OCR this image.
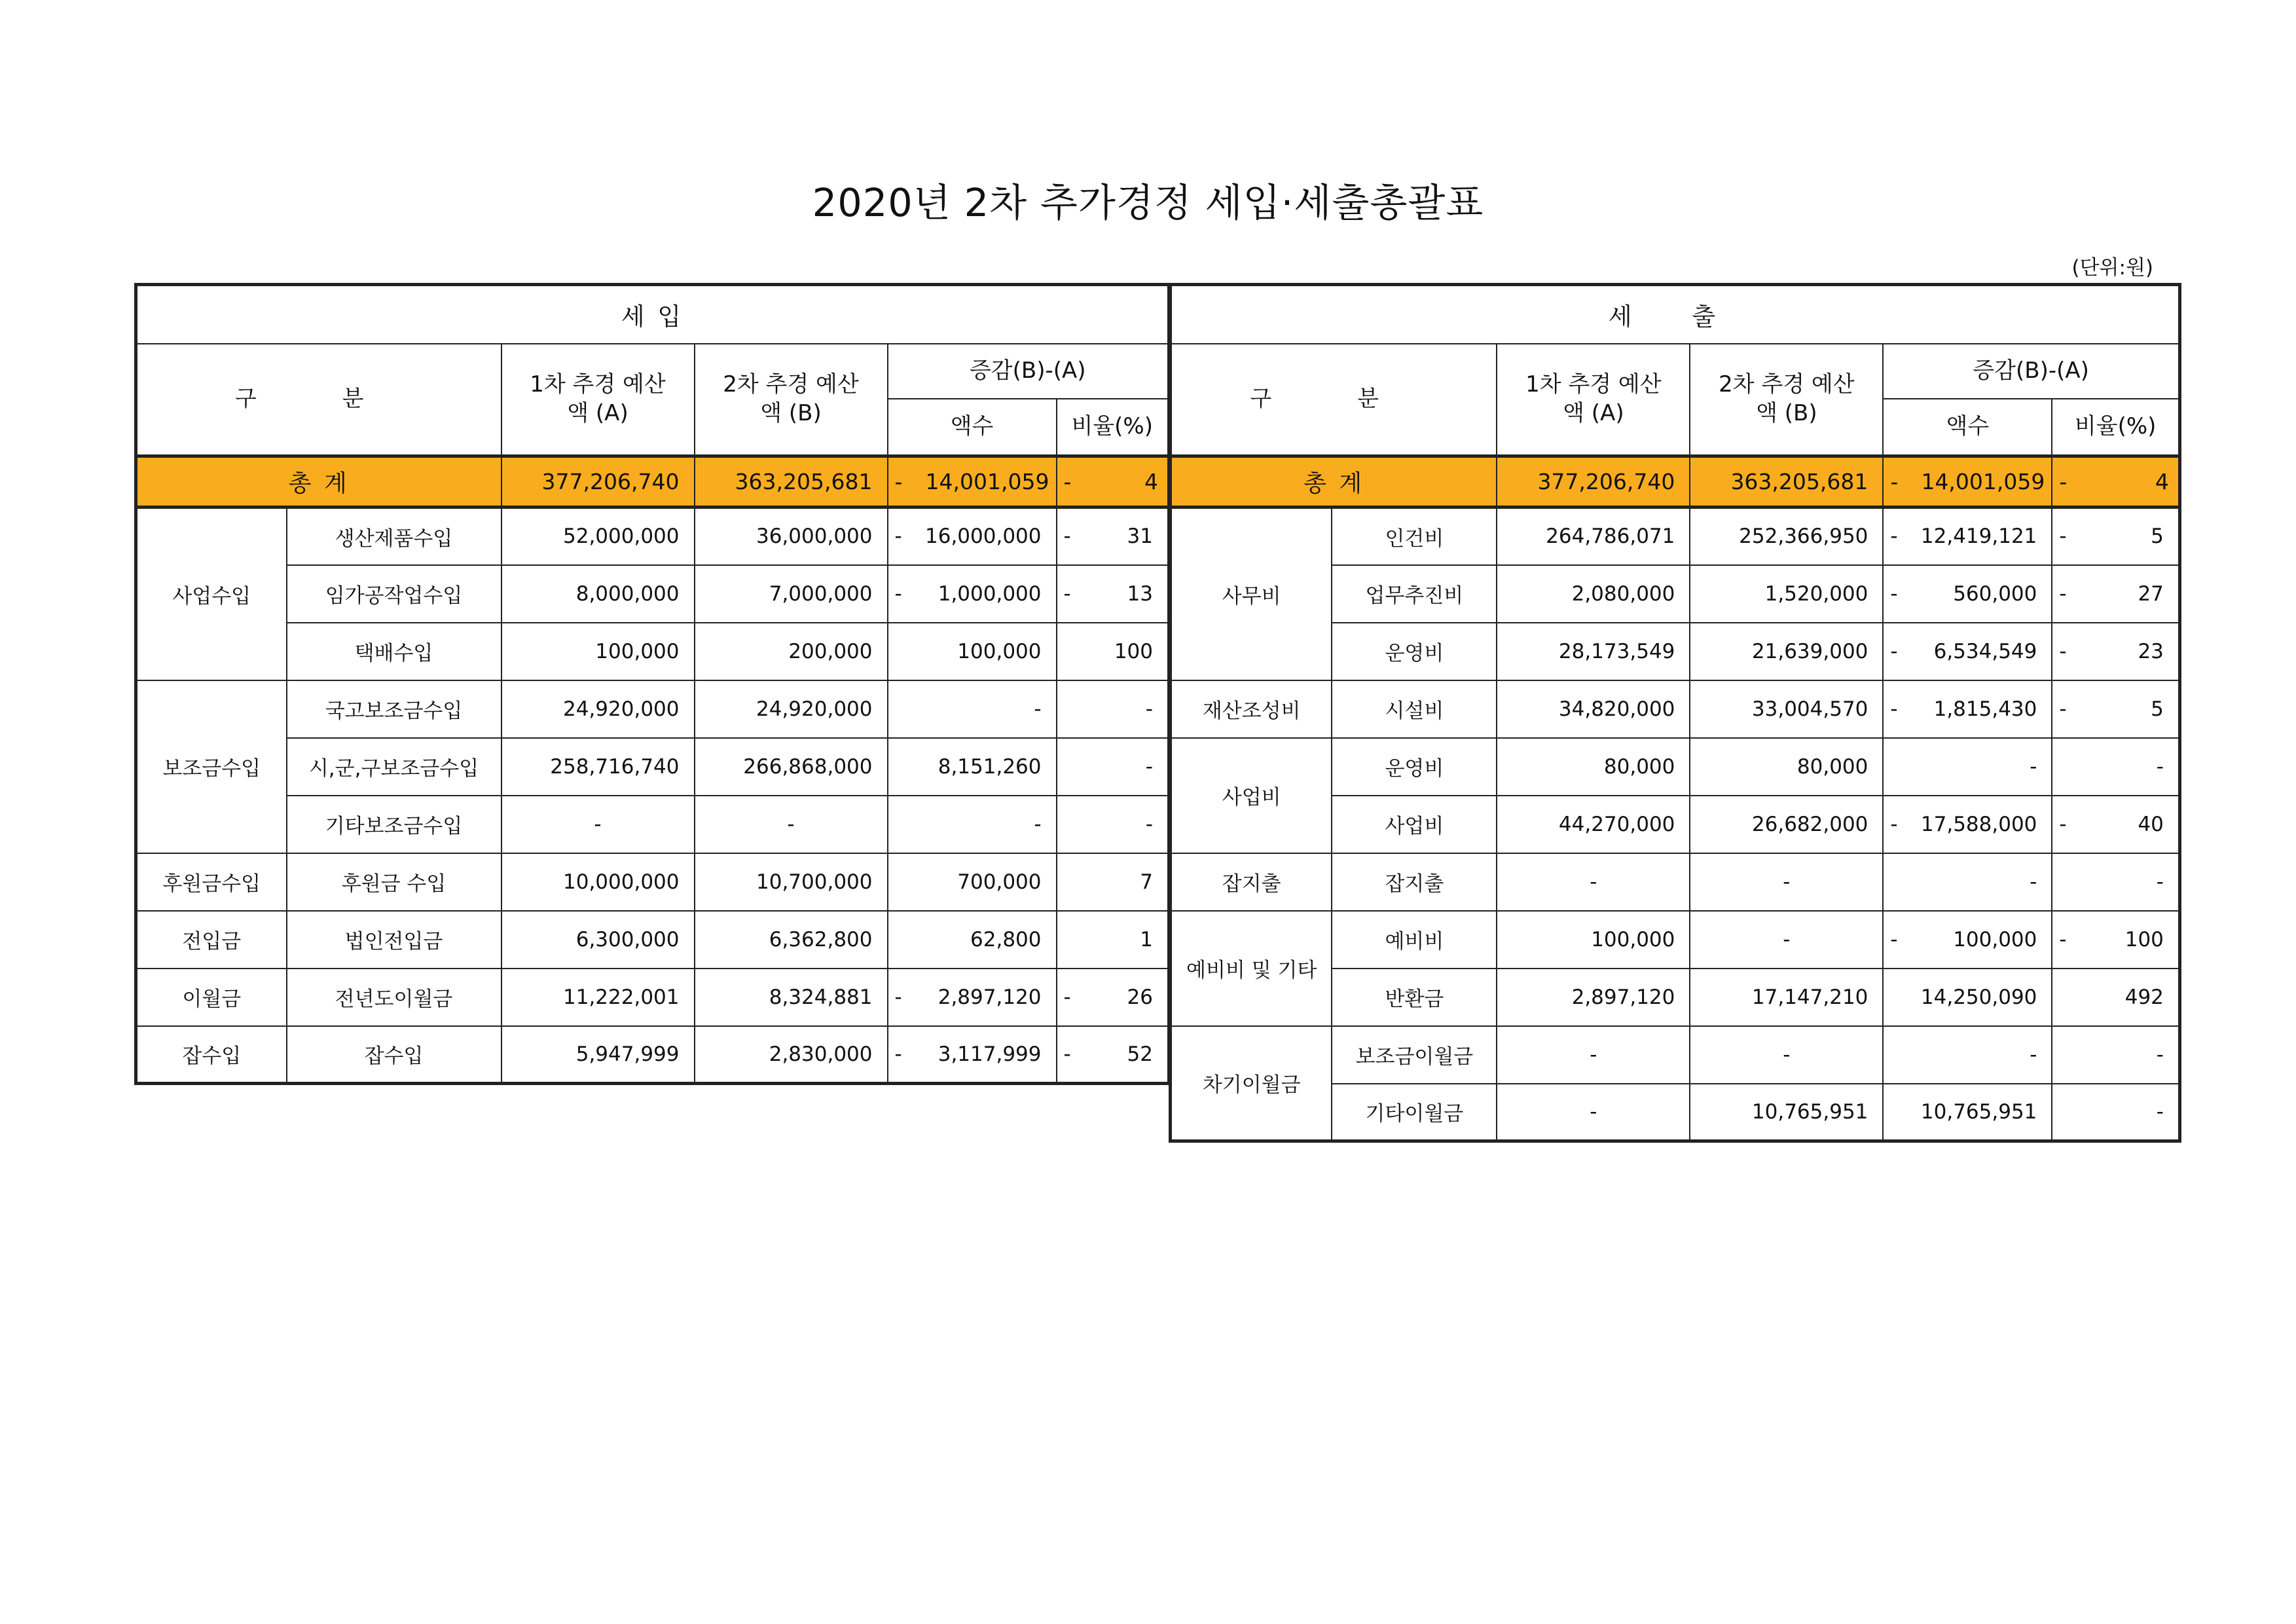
2020년 2차 추가경정 세입·세출총괄표
(단위:원)
세 입					
구 분		1차 추경 예산액 (A)	2차 추경 예산액 (B)	증감(B)-(A)	
				액수	비율(%)
총 계		377,206,740	363,205,681	- 14,001,059	- 4

사업수입	생산제품수입	52,000,000	36,000,000	- 16,000,000	- 31

	임가공작업수입	8,000,000	7,000,000	- 1,000,000	- 13

	택배수입	100,000	200,000	100,000	100

보조금수입	국고보조금수입	24,920,000	24,920,000	-	-

	시,군,구보조금수입	258,716,740	266,868,000	8,151,260	-

	기타보조금수입	-	-	-	-

후원금수입	후원금 수입	10,000,000	10,700,000	700,000	7

전입금	법인전입금	6,300,000	6,362,800	62,800	1

이월금	전년도이월금	11,222,001	8,324,881	- 2,897,120	- 26

잡수입	잡수입	5,947,999	2,830,000	- 3,117,999	- 52
세 출					
구 분		1차 추경 예산액 (A)	2차 추경 예산액 (B)	증감(B)-(A)	
				액수	비율(%)
총 계		377,206,740	363,205,681	- 14,001,059	- 4

사무비	인건비	264,786,071	252,366,950	- 12,419,121	- 5

	업무추진비	2,080,000	1,520,000	- 560,000	- 27

	운영비	28,173,549	21,639,000	- 6,534,549	- 23

재산조성비	시설비	34,820,000	33,004,570	- 1,815,430	- 5

사업비	운영비	80,000	80,000	-	-

	사업비	44,270,000	26,682,000	- 17,588,000	- 40

잡지출	잡지출	-	-	-	-

예비비 및 기타	예비비	100,000	-	- 100,000	- 100

	반환금	2,897,120	17,147,210	14,250,090	492

차기이월금	보조금이월금	-	-	-	-

	기타이월금	-	10,765,951	10,765,951	-
